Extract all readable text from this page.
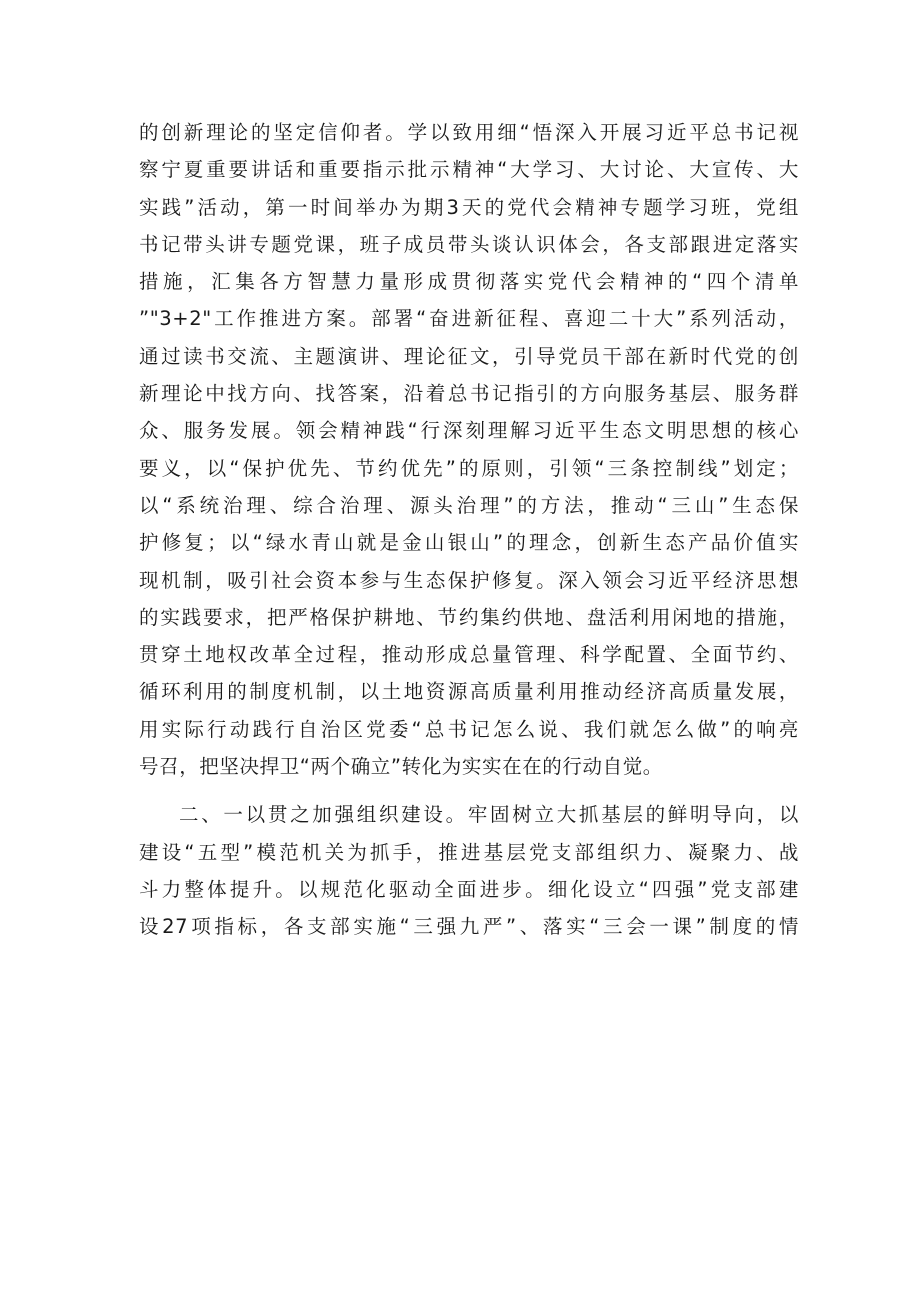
的创新理论的坚定信仰者。学以致用细“悟深入开展习近平总书记视
察宁夏重要讲话和重要指示批示精神“大学习、大讨论、大宣传、大
实践”活动，第一时间举办为期3天的党代会精神专题学习班，党组
书记带头讲专题党课，班子成员带头谈认识体会，各支部跟进定落实
措施，汇集各方智慧力量形成贯彻落实党代会精神的“四个清单
”"3+2"工作推进方案。部署“奋进新征程、喜迎二十大”系列活动，
通过读书交流、主题演讲、理论征文，引导党员干部在新时代党的创
新理论中找方向、找答案，沿着总书记指引的方向服务基层、服务群
众、服务发展。领会精神践“行深刻理解习近平生态文明思想的核心
要义，以“保护优先、节约优先”的原则，引领“三条控制线”划定；
以“系统治理、综合治理、源头治理”的方法，推动“三山”生态保
护修复；以“绿水青山就是金山银山”的理念，创新生态产品价值实
现机制，吸引社会资本参与生态保护修复。深入领会习近平经济思想
的实践要求，把严格保护耕地、节约集约供地、盘活利用闲地的措施，
贯穿土地权改革全过程，推动形成总量管理、科学配置、全面节约、
循环利用的制度机制，以土地资源高质量利用推动经济高质量发展，
用实际行动践行自治区党委“总书记怎么说、我们就怎么做”的响亮
号召，把坚决捍卫“两个确立”转化为实实在在的行动自觉。
二、一以贯之加强组织建设。牢固树立大抓基层的鲜明导向，以
建设“五型”模范机关为抓手，推进基层党支部组织力、凝聚力、战
斗力整体提升。以规范化驱动全面进步。细化设立“四强”党支部建
设27项指标，各支部实施“三强九严”、落实“三会一课”制度的情
